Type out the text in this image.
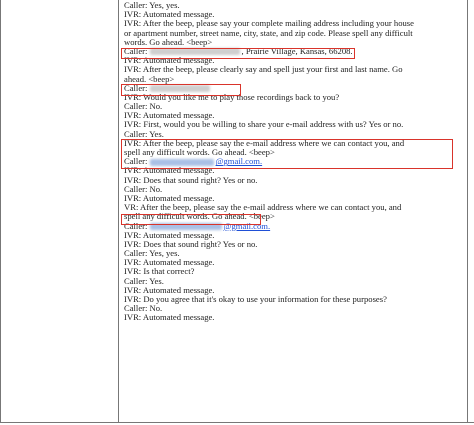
Caller: Yes, yes.
IVR: Automated message.
IVR: After the beep, please say your complete mailing address including your house
or apartment number, street name, city, state, and zip code. Please spell any difficult
words. Go ahead. <beep>
Caller:	, Prairie Village, Kansas, 66208.
IVR: Automated message.
IVR: After the beep, please clearly say and spell just your first and last name. Go
ahead. <beep>
Caller:
IVR: Would you like me to play those recordings back to you?
Caller: No.
IVR: Automated message.
IVR: First, would you be willing to share your e-mail address with us? Yes or no.
Caller: Yes.
IVR: After the beep, please say the e-mail address where we can contact you, and
spell any difficult words. Go ahead. <beep>
Caller:	@gmail.com.
IVR: Automated message.
IVR: Does that sound right? Yes or no.
Caller: No.
IVR: Automated message.
VR: After the beep, please say the e-mail address where we can contact you, and
spell any difficult words. Go ahead. <beep>
Caller:	@gmail.com.
IVR: Automated message.
IVR: Does that sound right? Yes or no.
Caller: Yes, yes.
IVR: Automated message.
IVR: Is that correct?
Caller: Yes.
IVR: Automated message.
IVR: Do you agree that it's okay to use your information for these purposes?
Caller: No.
IVR: Automated message.
